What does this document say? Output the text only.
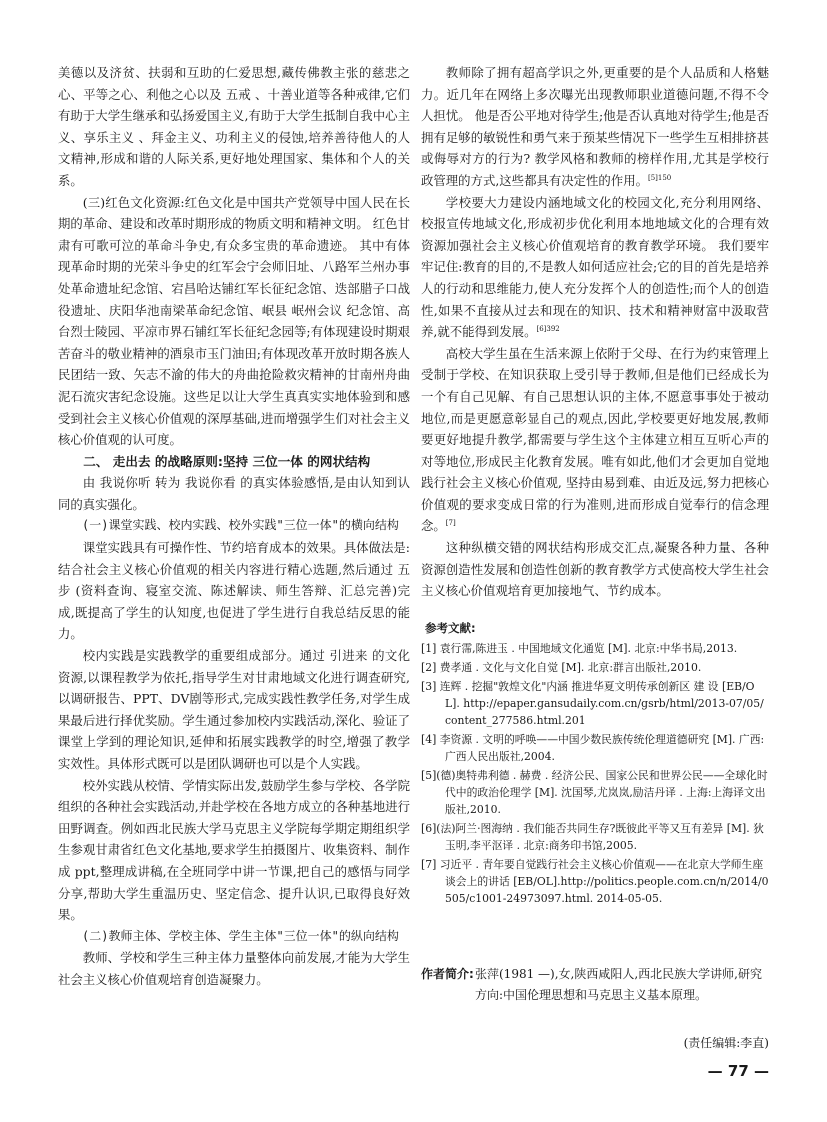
美德以及济贫、扶弱和互助的仁爱思想,藏传佛教主张的慈悲之心、平等之心、利他之心以及 五戒 、十善业道等各种戒律,它们有助于大学生继承和弘扬爱国主义,有助于大学生抵制自我中心主义、享乐主义 、拜金主义、功利主义的侵蚀,培养善待他人的人文精神,形成和谐的人际关系,更好地处理国家、集体和个人的关系。

(三)红色文化资源:红色文化是中国共产党领导中国人民在长期的革命、建设和改革时期形成的物质文明和精神文明。 红色甘肃有可歌可泣的革命斗争史,有众多宝贵的革命遗迹。 其中有体现革命时期的光荣斗争史的红军会宁会师旧址、八路军兰州办事处革命遗址纪念馆、宕昌哈达铺红军长征纪念馆、迭部腊子口战役遗址、庆阳华池南梁革命纪念馆、岷县 岷州会议 纪念馆、高台烈士陵园、平凉市界石铺红军长征纪念园等;有体现建设时期艰苦奋斗的敬业精神的酒泉市玉门油田;有体现改革开放时期各族人民团结一致、矢志不渝的伟大的舟曲抢险救灾精神的甘南州舟曲泥石流灾害纪念设施。这些足以让大学生真真实实地体验到和感受到社会主义核心价值观的深厚基础,进而增强学生们对社会主义核心价值观的认可度。

二、 走出去 的战略原则:坚持 三位一体 的网状结构

由 我说你听 转为 我说你看 的真实体验感悟,是由认知到认同的真实强化。

(一)课堂实践、校内实践、校外实践"三位一体"的横向结构

课堂实践具有可操作性、节约培育成本的效果。具体做法是:结合社会主义核心价值观的相关内容进行精心选题,然后通过 五步 (资料查询、寝室交流、陈述解读、师生答辩、汇总完善)完成,既提高了学生的认知度,也促进了学生进行自我总结反思的能力。

校内实践是实践教学的重要组成部分。通过 引进来 的文化资源,以课程教学为依托,指导学生对甘肃地域文化进行调查研究,以调研报告、PPT、DV剧等形式,完成实践性教学任务,对学生成果最后进行择优奖励。学生通过参加校内实践活动,深化、验证了课堂上学到的理论知识,延伸和拓展实践教学的时空,增强了教学实效性。具体形式既可以是团队调研也可以是个人实践。

校外实践从校情、学情实际出发,鼓励学生参与学校、各学院组织的各种社会实践活动,并赴学校在各地方成立的各种基地进行田野调查。例如西北民族大学马克思主义学院每学期定期组织学生参观甘肃省红色文化基地,要求学生拍摄图片、收集资料、制作成 ppt,整理成讲稿,在全班同学中讲一节课,把自己的感悟与同学分享,帮助大学生重温历史、坚定信念、提升认识,已取得良好效果。

(二)教师主体、学校主体、学生主体"三位一体"的纵向结构

教师、学校和学生三种主体力量整体向前发展,才能为大学生社会主义核心价值观培育创造凝聚力。

教师除了拥有超高学识之外,更重要的是个人品质和人格魅力。近几年在网络上多次曝光出现教师职业道德问题,不得不令人担忧。 他是否公平地对待学生;他是否认真地对待学生;他是否拥有足够的敏锐性和勇气来于预某些情况下一些学生互相排挤甚或侮辱对方的行为? 教学风格和教师的榜样作用,尤其是学校行政管理的方式,这些都具有决定性的作用。$^{[5]150}$

学校要大力建设内涵地域文化的校园文化,充分利用网络、校报宣传地域文化,形成初步优化利用本地地域文化的合理有效资源加强社会主义核心价值观培育的教育教学环境。 我们要牢牢记住:教育的目的,不是教人如何适应社会;它的目的首先是培养人的行动和思维能力,使人充分发挥个人的创造性;而个人的创造性,如果不直接从过去和现在的知识、技术和精神财富中汲取营养,就不能得到发展。$^{[6]392}$

高校大学生虽在生活来源上依附于父母、在行为约束管理上受制于学校、在知识获取上受引导于教师,但是他们已经成长为一个有自己见解、有自己思想认识的主体,不愿意事事处于被动地位,而是更愿意彰显自己的观点,因此,学校要更好地发展,教师要更好地提升教学,都需要与学生这个主体建立相互互听心声的对等地位,形成民主化教育发展。唯有如此,他们才会更加自觉地践行社会主义核心价值观, 坚持由易到难、由近及远,努力把核心价值观的要求变成日常的行为准则,进而形成自觉奉行的信念理念。[7]

这种纵横交错的网状结构形成交汇点,凝聚各种力量、各种资源创造性发展和创造性创新的教育教学方式使高校大学生社会主义核心价值观培育更加接地气、节约成本。

参考文献:

[1] 袁行霈,陈进玉 . 中国地域文化通览 [M]. 北京:中华书局,2013.

[2] 费孝通 . 文化与文化自觉 [M]. 北京:群言出版社,2010.

[3] 连辉 . 挖掘"敦煌文化"内涵 推进华夏文明传承创新区 建 设 [EB/OL]. http://epaper.gansudaily.com.cn/gsrb/html/2013-07/05/content_277586.html.201

[4] 李资源 . 文明的呼唤——中国少数民族传统伦理道德研究 [M]. 广西:广西人民出版社,2004.

[5](德)奥特弗利德 . 赫费 . 经济公民、国家公民和世界公民——全球化时代中的政治伦理学 [M]. 沈国琴,尤岚岚,励洁丹译 . 上海:上海译文出版社,2010.

[6](法)阿兰·图海纳 . 我们能否共同生存?既彼此平等又互有差异 [M]. 狄玉明,李平沤译 . 北京:商务印书馆,2005.

[7] 习近平 . 青年要自觉践行社会主义核心价值观——在北京大学师生座谈会上的讲话 [EB/OL].http://politics.people.com.cn/n/2014/0505/c1001-24973097.html. 2014-05-05.

作者简介: 张萍(1981 —),女,陕西咸阳人,西北民族大学讲师,研究方向:中国伦理思想和马克思主义基本原理。
(责任编辑:李直)
— 77 —
